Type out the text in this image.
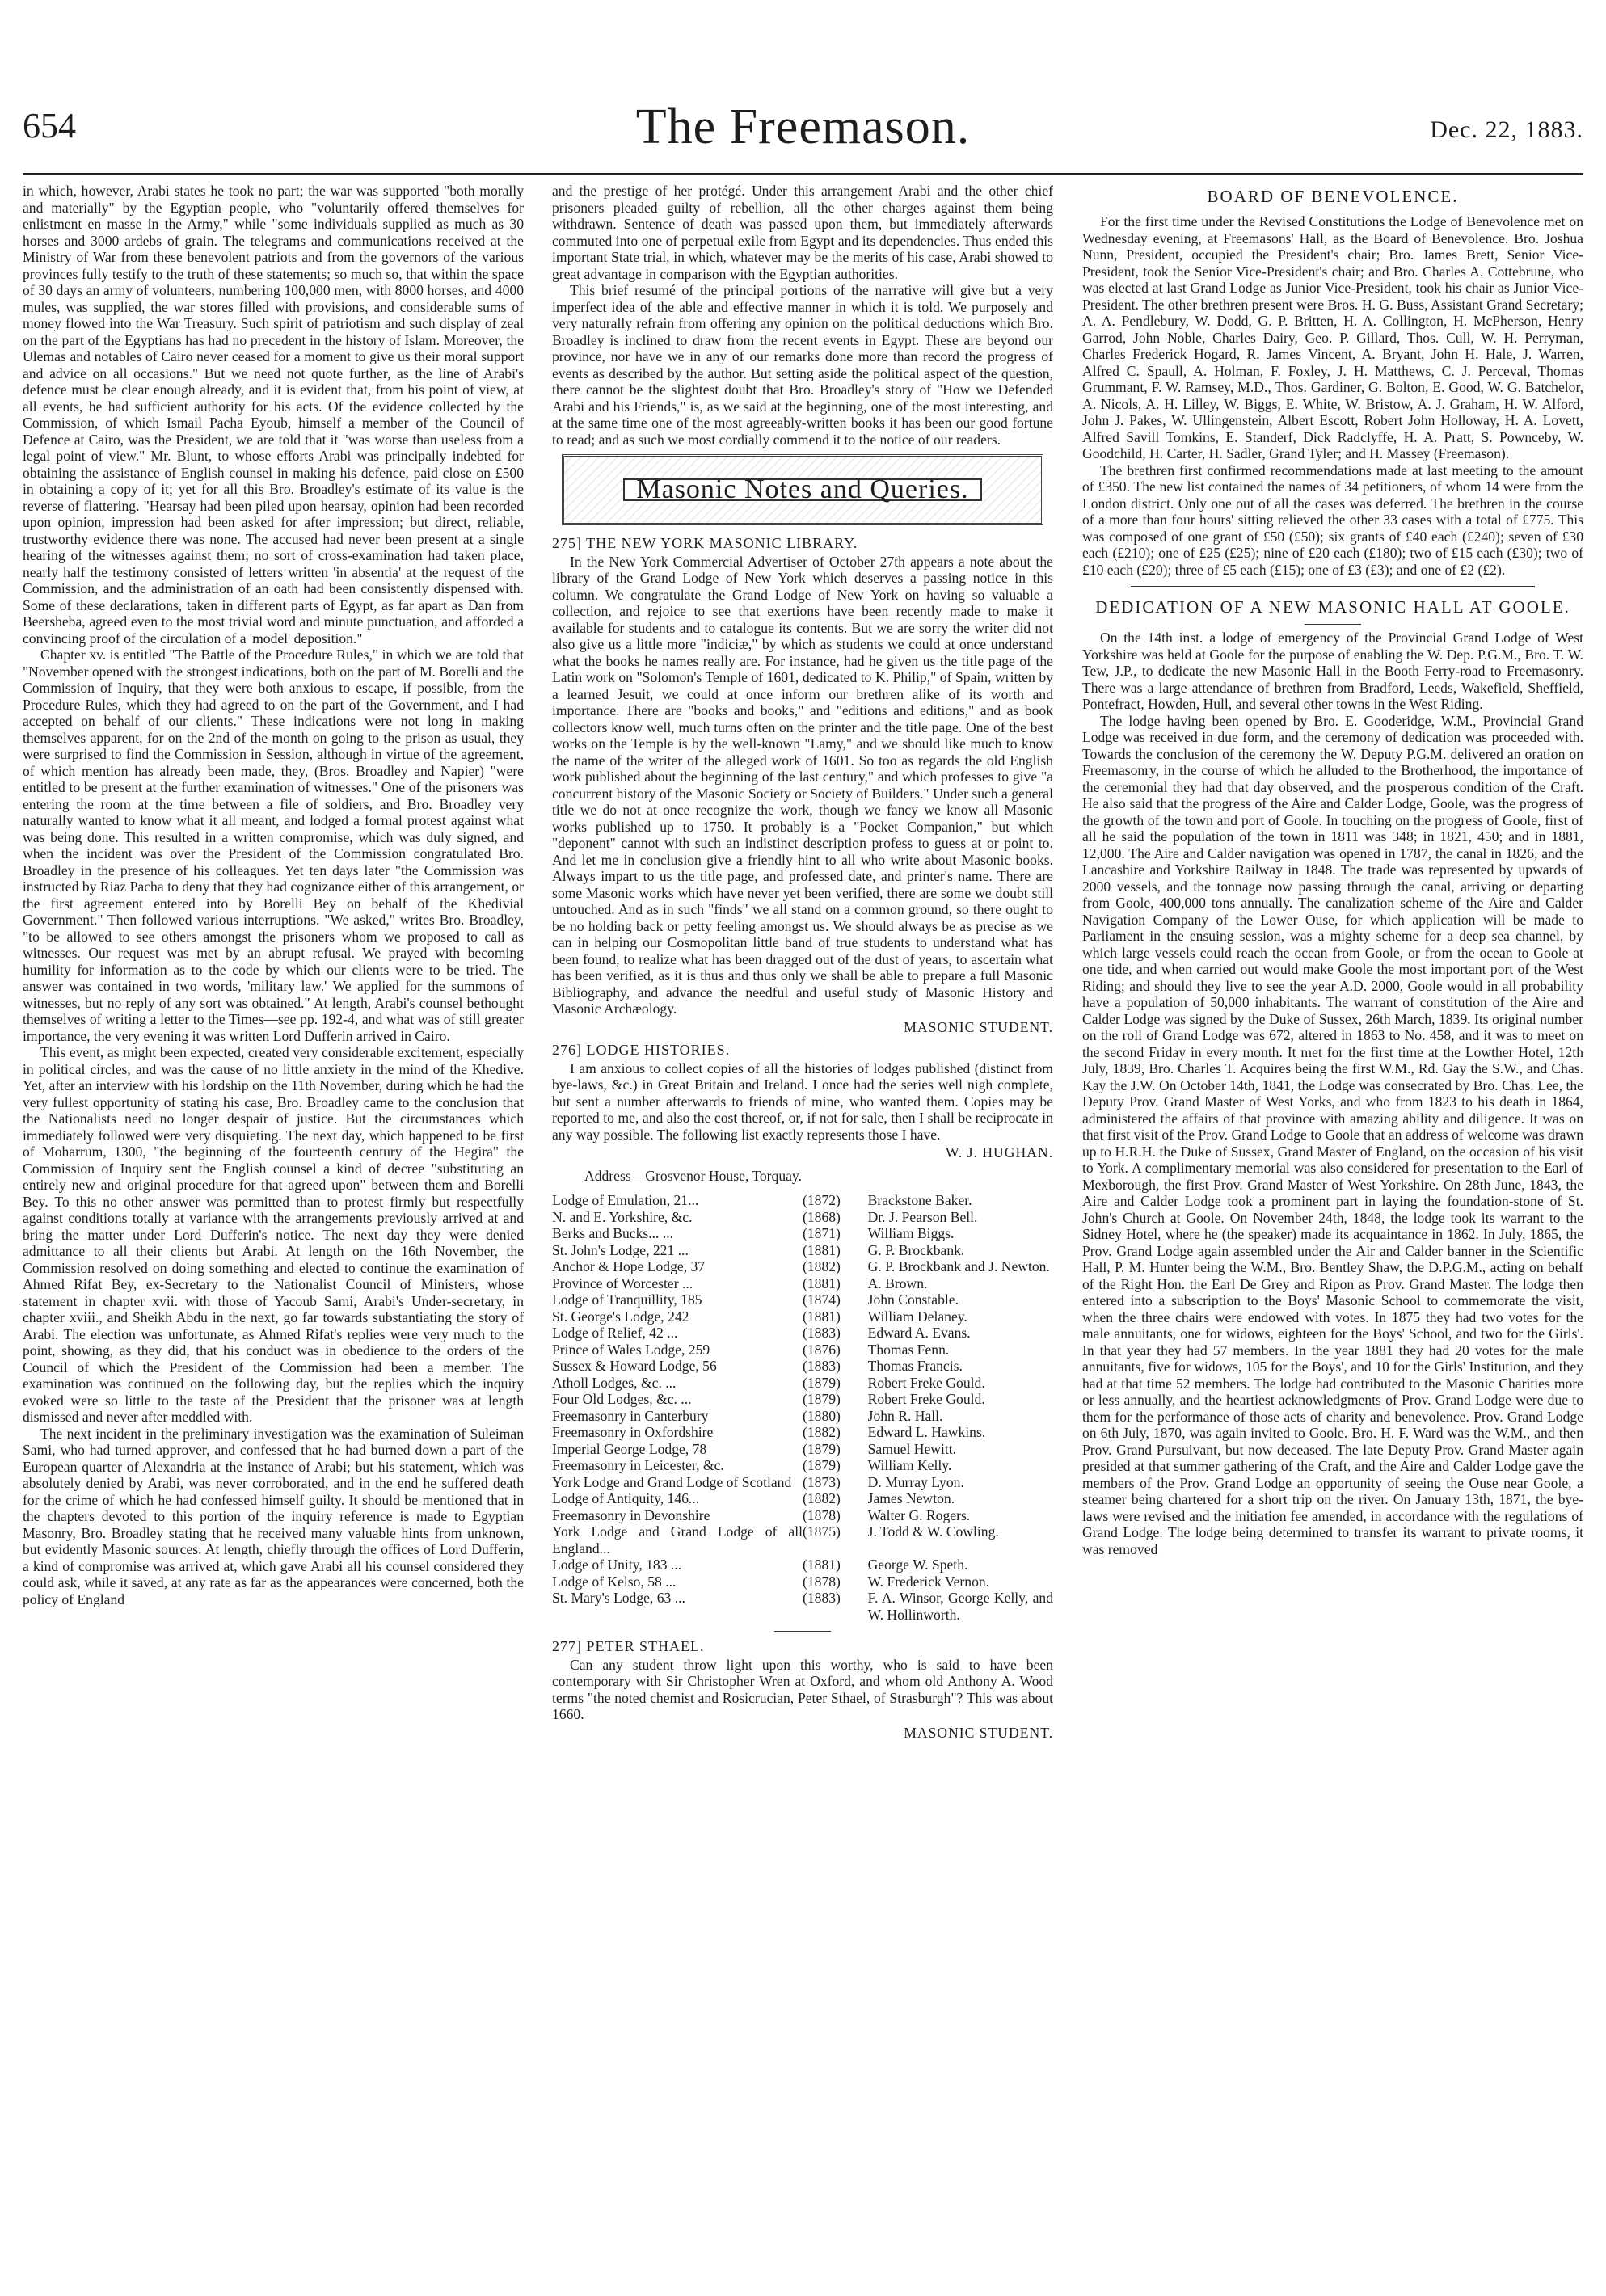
654	The Freemason.	Dec. 22, 1883.

in which, however, Arabi states he took no part; the war was supported "both morally and materially" by the Egyptian people, who "voluntarily offered themselves for enlistment en masse in the Army," while "some individuals supplied as much as 30 horses and 3000 ardebs of grain. The telegrams and communications received at the Ministry of War from these benevolent patriots and from the governors of the various provinces fully testify to the truth of these statements; so much so, that within the space of 30 days an army of volunteers, numbering 100,000 men, with 8000 horses, and 4000 mules, was supplied, the war stores filled with provisions, and considerable sums of money flowed into the War Treasury. Such spirit of patriotism and such display of zeal on the part of the Egyptians has had no precedent in the history of Islam. Moreover, the Ulemas and notables of Cairo never ceased for a moment to give us their moral support and advice on all occasions." But we need not quote further, as the line of Arabi's defence must be clear enough already, and it is evident that, from his point of view, at all events, he had sufficient authority for his acts. Of the evidence collected by the Commission, of which Ismail Pacha Eyoub, himself a member of the Council of Defence at Cairo, was the President, we are told that it "was worse than useless from a legal point of view." Mr. Blunt, to whose efforts Arabi was principally indebted for obtaining the assistance of English counsel in making his defence, paid close on £500 in obtaining a copy of it; yet for all this Bro. Broadley's estimate of its value is the reverse of flattering. "Hearsay had been piled upon hearsay, opinion had been recorded upon opinion, impression had been asked for after impression; but direct, reliable, trustworthy evidence there was none. The accused had never been present at a single hearing of the witnesses against them; no sort of cross-examination had taken place, nearly half the testimony consisted of letters written 'in absentia' at the request of the Commission, and the administration of an oath had been consistently dispensed with. Some of these declarations, taken in different parts of Egypt, as far apart as Dan from Beersheba, agreed even to the most trivial word and minute punctuation, and afforded a convincing proof of the circulation of a 'model' deposition."

Chapter xv. is entitled "The Battle of the Procedure Rules," in which we are told that "November opened with the strongest indications, both on the part of M. Borelli and the Commission of Inquiry, that they were both anxious to escape, if possible, from the Procedure Rules, which they had agreed to on the part of the Government, and I had accepted on behalf of our clients." These indications were not long in making themselves apparent, for on the 2nd of the month on going to the prison as usual, they were surprised to find the Commission in Session, although in virtue of the agreement, of which mention has already been made, they, (Bros. Broadley and Napier) "were entitled to be present at the further examination of witnesses." One of the prisoners was entering the room at the time between a file of soldiers, and Bro. Broadley very naturally wanted to know what it all meant, and lodged a formal protest against what was being done. This resulted in a written compromise, which was duly signed, and when the incident was over the President of the Commission congratulated Bro. Broadley in the presence of his colleagues. Yet ten days later "the Commission was instructed by Riaz Pacha to deny that they had cognizance either of this arrangement, or the first agreement entered into by Borelli Bey on behalf of the Khedivial Government." Then followed various interruptions. "We asked," writes Bro. Broadley, "to be allowed to see others amongst the prisoners whom we proposed to call as witnesses. Our request was met by an abrupt refusal. We prayed with becoming humility for information as to the code by which our clients were to be tried. The answer was contained in two words, 'military law.' We applied for the summons of witnesses, but no reply of any sort was obtained." At length, Arabi's counsel bethought themselves of writing a letter to the Times—see pp. 192-4, and what was of still greater importance, the very evening it was written Lord Dufferin arrived in Cairo.

This event, as might been expected, created very considerable excitement, especially in political circles, and was the cause of no little anxiety in the mind of the Khedive. Yet, after an interview with his lordship on the 11th November, during which he had the very fullest opportunity of stating his case, Bro. Broadley came to the conclusion that the Nationalists need no longer despair of justice. But the circumstances which immediately followed were very disquieting. The next day, which happened to be first of Moharrum, 1300, "the beginning of the fourteenth century of the Hegira" the Commission of Inquiry sent the English counsel a kind of decree "substituting an entirely new and original procedure for that agreed upon" between them and Borelli Bey. To this no other answer was permitted than to protest firmly but respectfully against conditions totally at variance with the arrangements previously arrived at and bring the matter under Lord Dufferin's notice. The next day they were denied admittance to all their clients but Arabi. At length on the 16th November, the Commission resolved on doing something and elected to continue the examination of Ahmed Rifat Bey, ex-Secretary to the Nationalist Council of Ministers, whose statement in chapter xvii. with those of Yacoub Sami, Arabi's Under-secretary, in chapter xviii., and Sheikh Abdu in the next, go far towards substantiating the story of Arabi. The election was unfortunate, as Ahmed Rifat's replies were very much to the point, showing, as they did, that his conduct was in obedience to the orders of the Council of which the President of the Commission had been a member. The examination was continued on the following day, but the replies which the inquiry evoked were so little to the taste of the President that the prisoner was at length dismissed and never after meddled with.

The next incident in the preliminary investigation was the examination of Suleiman Sami, who had turned approver, and confessed that he had burned down a part of the European quarter of Alexandria at the instance of Arabi; but his statement, which was absolutely denied by Arabi, was never corroborated, and in the end he suffered death for the crime of which he had confessed himself guilty. It should be mentioned that in the chapters devoted to this portion of the inquiry reference is made to Egyptian Masonry, Bro. Broadley stating that he received many valuable hints from unknown, but evidently Masonic sources. At length, chiefly through the offices of Lord Dufferin, a kind of compromise was arrived at, which gave Arabi all his counsel considered they could ask, while it saved, at any rate as far as the appearances were concerned, both the policy of England

and the prestige of her protégé. Under this arrangement Arabi and the other chief prisoners pleaded guilty of rebellion, all the other charges against them being withdrawn. Sentence of death was passed upon them, but immediately afterwards commuted into one of perpetual exile from Egypt and its dependencies. Thus ended this important State trial, in which, whatever may be the merits of his case, Arabi showed to great advantage in comparison with the Egyptian authorities.

This brief resumé of the principal portions of the narrative will give but a very imperfect idea of the able and effective manner in which it is told. We purposely and very naturally refrain from offering any opinion on the political deductions which Bro. Broadley is inclined to draw from the recent events in Egypt. These are beyond our province, nor have we in any of our remarks done more than record the progress of events as described by the author. But setting aside the political aspect of the question, there cannot be the slightest doubt that Bro. Broadley's story of "How we Defended Arabi and his Friends," is, as we said at the beginning, one of the most interesting, and at the same time one of the most agreeably-written books it has been our good fortune to read; and as such we most cordially commend it to the notice of our readers.

Masonic Notes and Queries.
275] THE NEW YORK MASONIC LIBRARY.

In the New York Commercial Advertiser of October 27th appears a note about the library of the Grand Lodge of New York which deserves a passing notice in this column. We congratulate the Grand Lodge of New York on having so valuable a collection, and rejoice to see that exertions have been recently made to make it available for students and to catalogue its contents. But we are sorry the writer did not also give us a little more "indiciæ," by which as students we could at once understand what the books he names really are. For instance, had he given us the title page of the Latin work on "Solomon's Temple of 1601, dedicated to K. Philip," of Spain, written by a learned Jesuit, we could at once inform our brethren alike of its worth and importance. There are "books and books," and "editions and editions," and as book collectors know well, much turns often on the printer and the title page. One of the best works on the Temple is by the well-known "Lamy," and we should like much to know the name of the writer of the alleged work of 1601. So too as regards the old English work published about the beginning of the last century," and which professes to give "a concurrent history of the Masonic Society or Society of Builders." Under such a general title we do not at once recognize the work, though we fancy we know all Masonic works published up to 1750. It probably is a "Pocket Companion," but which "deponent" cannot with such an indistinct description profess to guess at or point to. And let me in conclusion give a friendly hint to all who write about Masonic books. Always impart to us the title page, and professed date, and printer's name. There are some Masonic works which have never yet been verified, there are some we doubt still untouched. And as in such "finds" we all stand on a common ground, so there ought to be no holding back or petty feeling amongst us. We should always be as precise as we can in helping our Cosmopolitan little band of true students to understand what has been found, to realize what has been dragged out of the dust of years, to ascertain what has been verified, as it is thus and thus only we shall be able to prepare a full Masonic Bibliography, and advance the needful and useful study of Masonic History and Masonic Archæology.

MASONIC STUDENT.
276] LODGE HISTORIES.

I am anxious to collect copies of all the histories of lodges published (distinct from bye-laws, &c.) in Great Britain and Ireland. I once had the series well nigh complete, but sent a number afterwards to friends of mine, who wanted them. Copies may be reported to me, and also the cost thereof, or, if not for sale, then I shall be reciprocate in any way possible. The following list exactly represents those I have.

W. J. HUGHAN.
Address—Grosvenor House, Torquay.
Lodge of Emulation, 21...	(1872)	Brackstone Baker.
N. and E. Yorkshire, &c.	(1868)	Dr. J. Pearson Bell.
Berks and Bucks... ...	(1871)	William Biggs.
St. John's Lodge, 221 ...	(1881)	G. P. Brockbank.
Anchor & Hope Lodge, 37	(1882)	G. P. Brockbank and J. Newton.
Province of Worcester ...	(1881)	A. Brown.
Lodge of Tranquillity, 185	(1874)	John Constable.
St. George's Lodge, 242	(1881)	William Delaney.
Lodge of Relief, 42 ...	(1883)	Edward A. Evans.
Prince of Wales Lodge, 259	(1876)	Thomas Fenn.
Sussex & Howard Lodge, 56	(1883)	Thomas Francis.
Atholl Lodges, &c. ...	(1879)	Robert Freke Gould.
Four Old Lodges, &c. ...	(1879)	Robert Freke Gould.
Freemasonry in Canterbury	(1880)	John R. Hall.
Freemasonry in Oxfordshire	(1882)	Edward L. Hawkins.
Imperial George Lodge, 78	(1879)	Samuel Hewitt.
Freemasonry in Leicester, &c.	(1879)	William Kelly.
York Lodge and Grand Lodge of Scotland	(1873)	D. Murray Lyon.
Lodge of Antiquity, 146...	(1882)	James Newton.
Freemasonry in Devonshire	(1878)	Walter G. Rogers.
York Lodge and Grand Lodge of all England...	(1875)	J. Todd & W. Cowling.
Lodge of Unity, 183 ...	(1881)	George W. Speth.
Lodge of Kelso, 58 ...	(1878)	W. Frederick Vernon.
St. Mary's Lodge, 63 ...	(1883)	F. A. Winsor, George Kelly, and W. Hollinworth.
277] PETER STHAEL.

Can any student throw light upon this worthy, who is said to have been contemporary with Sir Christopher Wren at Oxford, and whom old Anthony A. Wood terms "the noted chemist and Rosicrucian, Peter Sthael, of Strasburgh"? This was about 1660.

MASONIC STUDENT.
BOARD OF BENEVOLENCE.

For the first time under the Revised Constitutions the Lodge of Benevolence met on Wednesday evening, at Freemasons' Hall, as the Board of Benevolence. Bro. Joshua Nunn, President, occupied the President's chair; Bro. James Brett, Senior Vice-President, took the Senior Vice-President's chair; and Bro. Charles A. Cottebrune, who was elected at last Grand Lodge as Junior Vice-President, took his chair as Junior Vice-President. The other brethren present were Bros. H. G. Buss, Assistant Grand Secretary; A. A. Pendlebury, W. Dodd, G. P. Britten, H. A. Collington, H. McPherson, Henry Garrod, John Noble, Charles Dairy, Geo. P. Gillard, Thos. Cull, W. H. Perryman, Charles Frederick Hogard, R. James Vincent, A. Bryant, John H. Hale, J. Warren, Alfred C. Spaull, A. Holman, F. Foxley, J. H. Matthews, C. J. Perceval, Thomas Grummant, F. W. Ramsey, M.D., Thos. Gardiner, G. Bolton, E. Good, W. G. Batchelor, A. Nicols, A. H. Lilley, W. Biggs, E. White, W. Bristow, A. J. Graham, H. W. Alford, John J. Pakes, W. Ullingenstein, Albert Escott, Robert John Holloway, H. A. Lovett, Alfred Savill Tomkins, E. Standerf, Dick Radclyffe, H. A. Pratt, S. Pownceby, W. Goodchild, H. Carter, H. Sadler, Grand Tyler; and H. Massey (Freemason).

The brethren first confirmed recommendations made at last meeting to the amount of £350. The new list contained the names of 34 petitioners, of whom 14 were from the London district. Only one out of all the cases was deferred. The brethren in the course of a more than four hours' sitting relieved the other 33 cases with a total of £775. This was composed of one grant of £50 (£50); six grants of £40 each (£240); seven of £30 each (£210); one of £25 (£25); nine of £20 each (£180); two of £15 each (£30); two of £10 each (£20); three of £5 each (£15); one of £3 (£3); and one of £2 (£2).

DEDICATION OF A NEW MASONIC HALL AT GOOLE.

On the 14th inst. a lodge of emergency of the Provincial Grand Lodge of West Yorkshire was held at Goole for the purpose of enabling the W. Dep. P.G.M., Bro. T. W. Tew, J.P., to dedicate the new Masonic Hall in the Booth Ferry-road to Freemasonry. There was a large attendance of brethren from Bradford, Leeds, Wakefield, Sheffield, Pontefract, Howden, Hull, and several other towns in the West Riding.

The lodge having been opened by Bro. E. Gooderidge, W.M., Provincial Grand Lodge was received in due form, and the ceremony of dedication was proceeded with. Towards the conclusion of the ceremony the W. Deputy P.G.M. delivered an oration on Freemasonry, in the course of which he alluded to the Brotherhood, the importance of the ceremonial they had that day observed, and the prosperous condition of the Craft. He also said that the progress of the Aire and Calder Lodge, Goole, was the progress of the growth of the town and port of Goole. In touching on the progress of Goole, first of all he said the population of the town in 1811 was 348; in 1821, 450; and in 1881, 12,000. The Aire and Calder navigation was opened in 1787, the canal in 1826, and the Lancashire and Yorkshire Railway in 1848. The trade was represented by upwards of 2000 vessels, and the tonnage now passing through the canal, arriving or departing from Goole, 400,000 tons annually. The canalization scheme of the Aire and Calder Navigation Company of the Lower Ouse, for which application will be made to Parliament in the ensuing session, was a mighty scheme for a deep sea channel, by which large vessels could reach the ocean from Goole, or from the ocean to Goole at one tide, and when carried out would make Goole the most important port of the West Riding; and should they live to see the year A.D. 2000, Goole would in all probability have a population of 50,000 inhabitants. The warrant of constitution of the Aire and Calder Lodge was signed by the Duke of Sussex, 26th March, 1839. Its original number on the roll of Grand Lodge was 672, altered in 1863 to No. 458, and it was to meet on the second Friday in every month. It met for the first time at the Lowther Hotel, 12th July, 1839, Bro. Charles T. Acquires being the first W.M., Rd. Gay the S.W., and Chas. Kay the J.W. On October 14th, 1841, the Lodge was consecrated by Bro. Chas. Lee, the Deputy Prov. Grand Master of West Yorks, and who from 1823 to his death in 1864, administered the affairs of that province with amazing ability and diligence. It was on that first visit of the Prov. Grand Lodge to Goole that an address of welcome was drawn up to H.R.H. the Duke of Sussex, Grand Master of England, on the occasion of his visit to York. A complimentary memorial was also considered for presentation to the Earl of Mexborough, the first Prov. Grand Master of West Yorkshire. On 28th June, 1843, the Aire and Calder Lodge took a prominent part in laying the foundation-stone of St. John's Church at Goole. On November 24th, 1848, the lodge took its warrant to the Sidney Hotel, where he (the speaker) made its acquaintance in 1862. In July, 1865, the Prov. Grand Lodge again assembled under the Air and Calder banner in the Scientific Hall, P. M. Hunter being the W.M., Bro. Bentley Shaw, the D.P.G.M., acting on behalf of the Right Hon. the Earl De Grey and Ripon as Prov. Grand Master. The lodge then entered into a subscription to the Boys' Masonic School to commemorate the visit, when the three chairs were endowed with votes. In 1875 they had two votes for the male annuitants, one for widows, eighteen for the Boys' School, and two for the Girls'. In that year they had 57 members. In the year 1881 they had 20 votes for the male annuitants, five for widows, 105 for the Boys', and 10 for the Girls' Institution, and they had at that time 52 members. The lodge had contributed to the Masonic Charities more or less annually, and the heartiest acknowledgments of Prov. Grand Lodge were due to them for the performance of those acts of charity and benevolence. Prov. Grand Lodge on 6th July, 1870, was again invited to Goole. Bro. H. F. Ward was the W.M., and then Prov. Grand Pursuivant, but now deceased. The late Deputy Prov. Grand Master again presided at that summer gathering of the Craft, and the Aire and Calder Lodge gave the members of the Prov. Grand Lodge an opportunity of seeing the Ouse near Goole, a steamer being chartered for a short trip on the river. On January 13th, 1871, the bye-laws were revised and the initiation fee amended, in accordance with the regulations of Grand Lodge. The lodge being determined to transfer its warrant to private rooms, it was removed
